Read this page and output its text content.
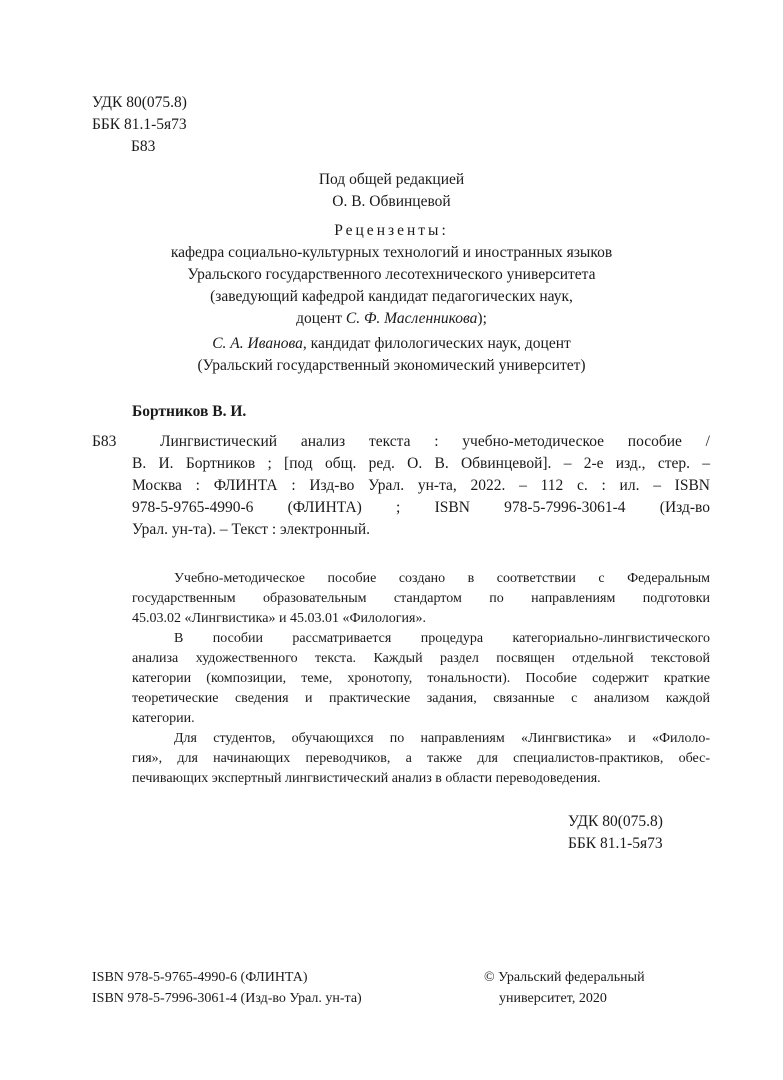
УДК 80(075.8)
ББК 81.1-5я73
Б83
Под общей редакцией
О. В. Обвинцевой
Рецензенты:
кафедра социально-культурных технологий и иностранных языков
Уральского государственного лесотехнического университета
(заведующий кафедрой кандидат педагогических наук,
доцент С. Ф. Масленникова);
С. А. Иванова, кандидат филологических наук, доцент
(Уральский государственный экономический университет)
Бортников В. И.
Б83	Лингвистический анализ текста : учебно-методическое пособие /
В. И. Бортников ; [под общ. ред. О. В. Обвинцевой]. – 2-е изд., стер. –
Москва : ФЛИНТА : Изд-во Урал. ун-та, 2022. – 112 с. : ил. – ISBN
978-5-9765-4990-6 (ФЛИНТА) ; ISBN 978-5-7996-3061-4 (Изд-во
Урал. ун-та). – Текст : электронный.
Учебно-методическое пособие создано в соответствии с Федеральным
государственным образовательным стандартом по направлениям подготовки
45.03.02 «Лингвистика» и 45.03.01 «Филология».
В пособии рассматривается процедура категориально-лингвистического
анализа художественного текста. Каждый раздел посвящен отдельной текстовой
категории (композиции, теме, хронотопу, тональности). Пособие содержит краткие
теоретические сведения и практические задания, связанные с анализом каждой
категории.
Для студентов, обучающихся по направлениям «Лингвистика» и «Филоло-
гия», для начинающих переводчиков, а также для специалистов-практиков, обес-
печивающих экспертный лингвистический анализ в области переводоведения.
УДК 80(075.8)
ББК 81.1-5я73
ISBN 978-5-9765-4990-6 (ФЛИНТА)
ISBN 978-5-7996-3061-4 (Изд-во Урал. ун-та)
© Уральский федеральный
университет, 2020
